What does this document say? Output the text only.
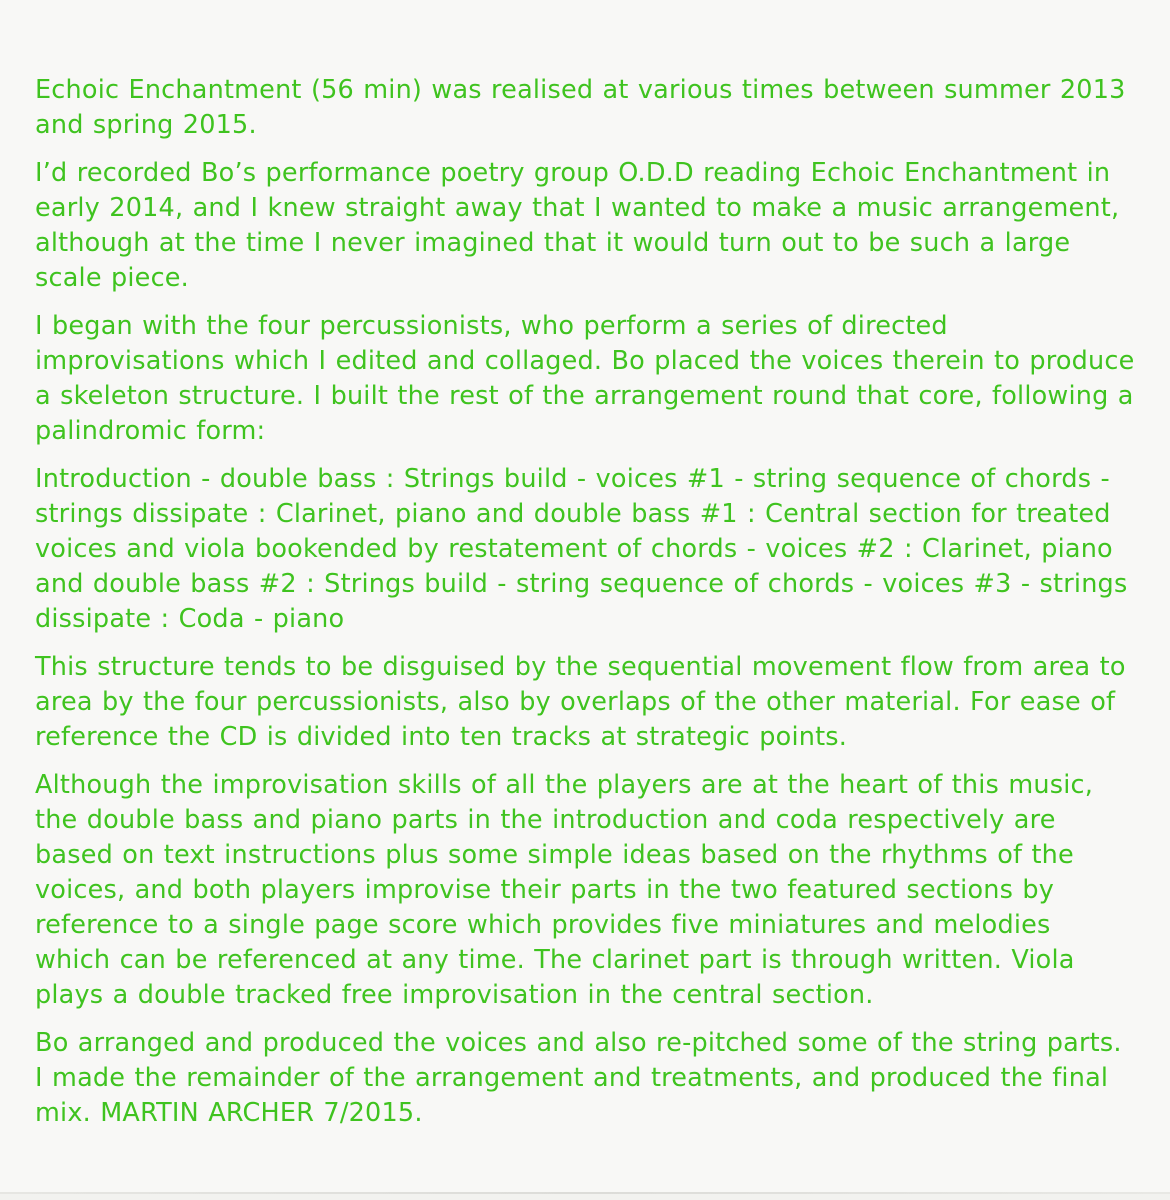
Echoic Enchantment (56 min) was realised at various times between summer 2013 and spring 2015.

I’d recorded Bo’s performance poetry group O.D.D reading Echoic Enchantment in early 2014, and I knew straight away that I wanted to make a music arrangement, although at the time I never imagined that it would turn out to be such a large scale piece.

I began with the four percussionists, who perform a series of directed improvisations which I edited and collaged. Bo placed the voices therein to produce a skeleton structure. I built the rest of the arrangement round that core, following a palindromic form:

Introduction - double bass : Strings build - voices #1 - string sequence of chords - strings dissipate : Clarinet, piano and double bass #1 : Central section for treated voices and viola bookended by restatement of chords - voices #2 : Clarinet, piano and double bass #2 : Strings build - string sequence of chords - voices #3 - strings dissipate : Coda - piano

This structure tends to be disguised by the sequential movement flow from area to area by the four percussionists, also by overlaps of the other material. For ease of reference the CD is divided into ten tracks at strategic points.

Although the improvisation skills of all the players are at the heart of this music, the double bass and piano parts in the introduction and coda respectively are based on text instructions plus some simple ideas based on the rhythms of the voices, and both players improvise their parts in the two featured sections by reference to a single page score which provides five miniatures and melodies which can be referenced at any time. The clarinet part is through written. Viola plays a double tracked free improvisation in the central section.

Bo arranged and produced the voices and also re-pitched some of the string parts. I made the remainder of the arrangement and treatments, and produced the final mix. MARTIN ARCHER 7/2015.
